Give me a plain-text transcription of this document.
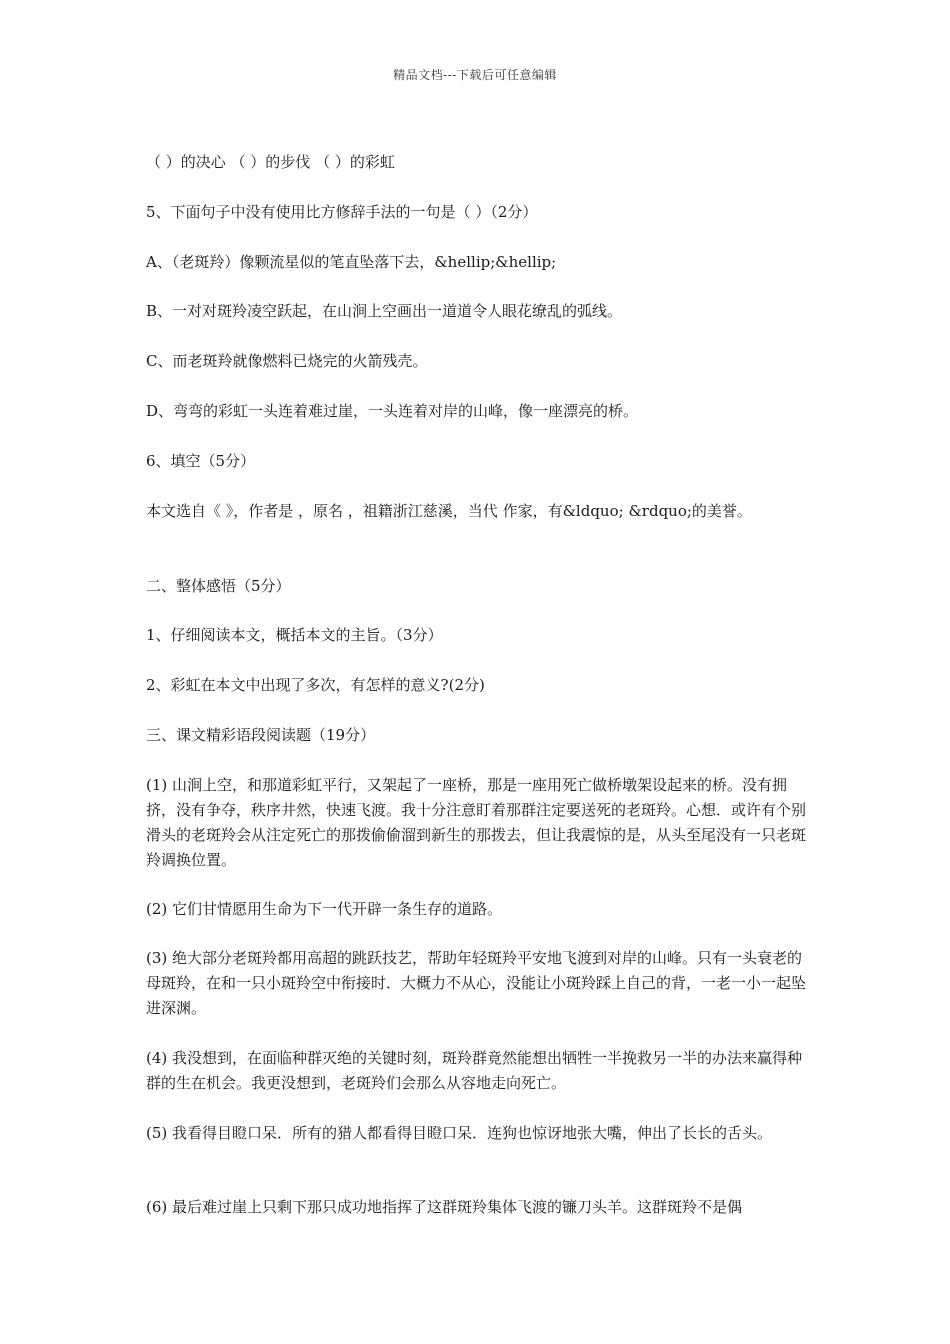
精品文档---下载后可任意编辑
（ ）的决心 （ ）的步伐 （ ）的彩虹
5、下面句子中没有使用比方修辞手法的一句是（ ）（2分）
A、（老斑羚）像颗流星似的笔直坠落下去，&hellip;&hellip;
B、一对对斑羚凌空跃起，在山涧上空画出一道道令人眼花缭乱的弧线。
C、而老斑羚就像燃料已烧完的火箭残壳。
D、弯弯的彩虹一头连着难过崖，一头连着对岸的山峰，像一座漂亮的桥。
6、填空（5分）
本文选自《 》，作者是 ，原名 ，祖籍浙江慈溪，当代 作家，有&ldquo; &rdquo;的美誉。
二、整体感悟（5分）
1、仔细阅读本文，概括本文的主旨。（3分）
2、彩虹在本文中出现了多次，有怎样的意义?(2分)
三、课文精彩语段阅读题（19分）
(1) 山涧上空，和那道彩虹平行，又架起了一座桥，那是一座用死亡做桥墩架设起来的桥。没有拥挤，没有争夺，秩序井然，快速飞渡。我十分注意盯着那群注定要送死的老斑羚。心想．或许有个别滑头的老斑羚会从注定死亡的那拨偷偷溜到新生的那拨去，但让我震惊的是，从头至尾没有一只老斑羚调换位置。
(2) 它们甘情愿用生命为下一代开辟一条生存的道路。
(3) 绝大部分老斑羚都用高超的跳跃技艺，帮助年轻斑羚平安地飞渡到对岸的山峰。只有一头衰老的母斑羚，在和一只小斑羚空中衔接时．大概力不从心，没能让小斑羚踩上自己的背，一老一小一起坠进深渊。
(4) 我没想到，在面临种群灭绝的关键时刻，斑羚群竟然能想出牺牲一半挽救另一半的办法来赢得种群的生在机会。我更没想到，老斑羚们会那么从容地走向死亡。
(5) 我看得目瞪口呆．所有的猎人都看得目瞪口呆．连狗也惊讶地张大嘴，伸出了长长的舌头。
(6) 最后难过崖上只剩下那只成功地指挥了这群斑羚集体飞渡的镰刀头羊。这群斑羚不是偶
